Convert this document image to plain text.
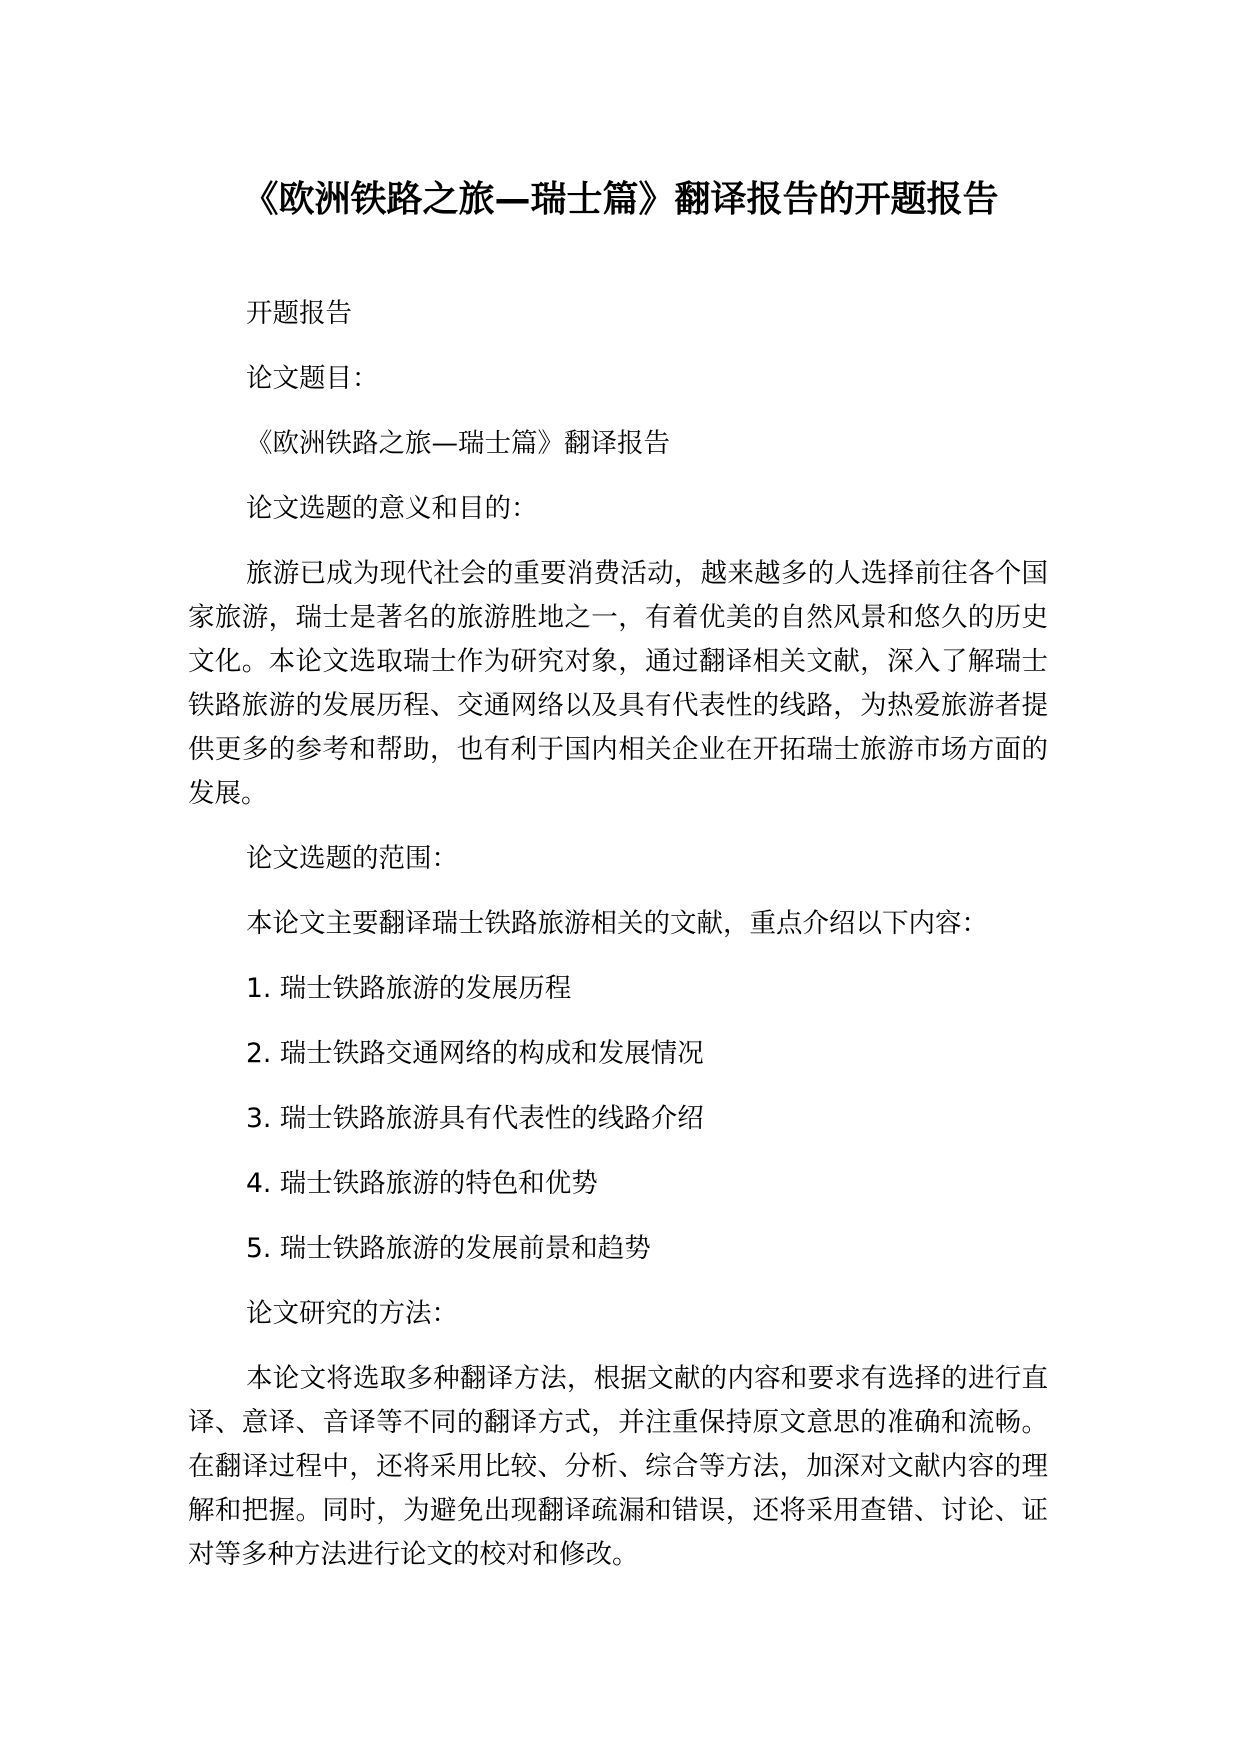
《欧洲铁路之旅—瑞士篇》翻译报告的开题报告

开题报告

论文题目：

《欧洲铁路之旅—瑞士篇》翻译报告

论文选题的意义和目的：

旅游已成为现代社会的重要消费活动，越来越多的人选择前往各个国家旅游，瑞士是著名的旅游胜地之一，有着优美的自然风景和悠久的历史文化。本论文选取瑞士作为研究对象，通过翻译相关文献，深入了解瑞士铁路旅游的发展历程、交通网络以及具有代表性的线路，为热爱旅游者提供更多的参考和帮助，也有利于国内相关企业在开拓瑞士旅游市场方面的发展。

论文选题的范围：

本论文主要翻译瑞士铁路旅游相关的文献，重点介绍以下内容：

1. 瑞士铁路旅游的发展历程

2. 瑞士铁路交通网络的构成和发展情况

3. 瑞士铁路旅游具有代表性的线路介绍

4. 瑞士铁路旅游的特色和优势

5. 瑞士铁路旅游的发展前景和趋势

论文研究的方法：

本论文将选取多种翻译方法，根据文献的内容和要求有选择的进行直译、意译、音译等不同的翻译方式，并注重保持原文意思的准确和流畅。在翻译过程中，还将采用比较、分析、综合等方法，加深对文献内容的理解和把握。同时，为避免出现翻译疏漏和错误，还将采用查错、讨论、证对等多种方法进行论文的校对和修改。
